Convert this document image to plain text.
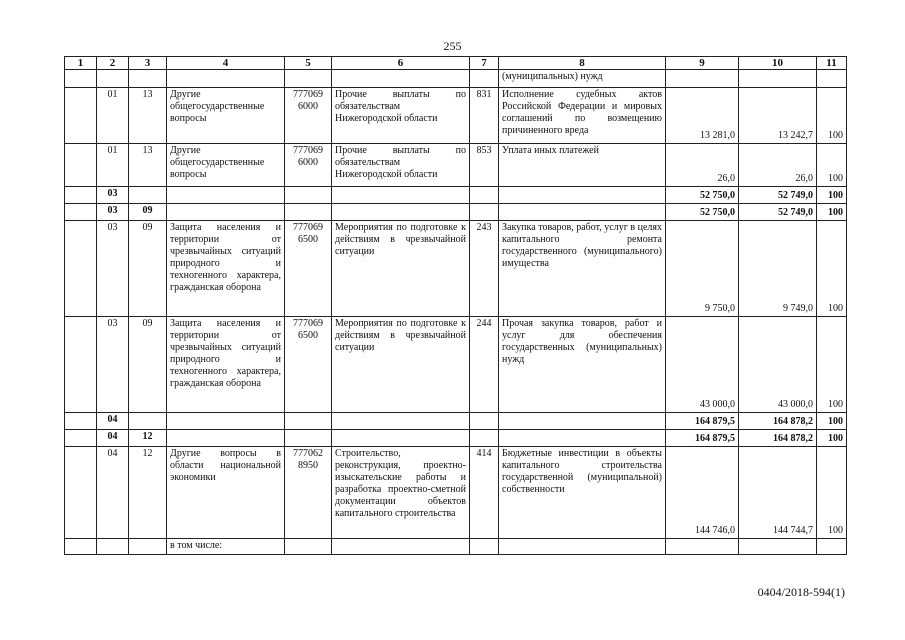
255
1	2	3	4	5	6	7	8	9	10	11
							(муниципальных) нужд			
	01	13	Другие общегосударственные вопросы	777069 6000	Прочие выплаты по обязательствам Нижегородской области	831	Исполнение судебных актов Российской Федерации и мировых соглашений по возмещению причиненного вреда	13 281,0	13 242,7	100
	01	13	Другие общегосударственные вопросы	777069 6000	Прочие выплаты по обязательствам Нижегородской области	853	Уплата иных платежей	26,0	26,0	100
	03							52 750,0	52 749,0	100
	03	09						52 750,0	52 749,0	100
	03	09	Защита населения и территории от чрезвычайных ситуаций природного и техногенного характера, гражданская оборона	777069 6500	Мероприятия по подготовке к действиям в чрезвычайной ситуации	243	Закупка товаров, работ, услуг в целях капитального ремонта государственного (муниципального) имущества	9 750,0	9 749,0	100
	03	09	Защита населения и территории от чрезвычайных ситуаций природного и техногенного характера, гражданская оборона	777069 6500	Мероприятия по подготовке к действиям в чрезвычайной ситуации	244	Прочая закупка товаров, работ и услуг для обеспечения государственных (муниципальных) нужд	43 000,0	43 000,0	100
	04							164 879,5	164 878,2	100
	04	12						164 879,5	164 878,2	100
	04	12	Другие вопросы в области национальной экономики	777062 8950	Строительство, реконструкция, проектно-изыскательские работы и разработка проектно-сметной документации объектов капитального строительства	414	Бюджетные инвестиции в объекты капитального строительства государственной (муниципальной) собственности	144 746,0	144 744,7	100
			в том числе:							
0404/2018-594(1)
